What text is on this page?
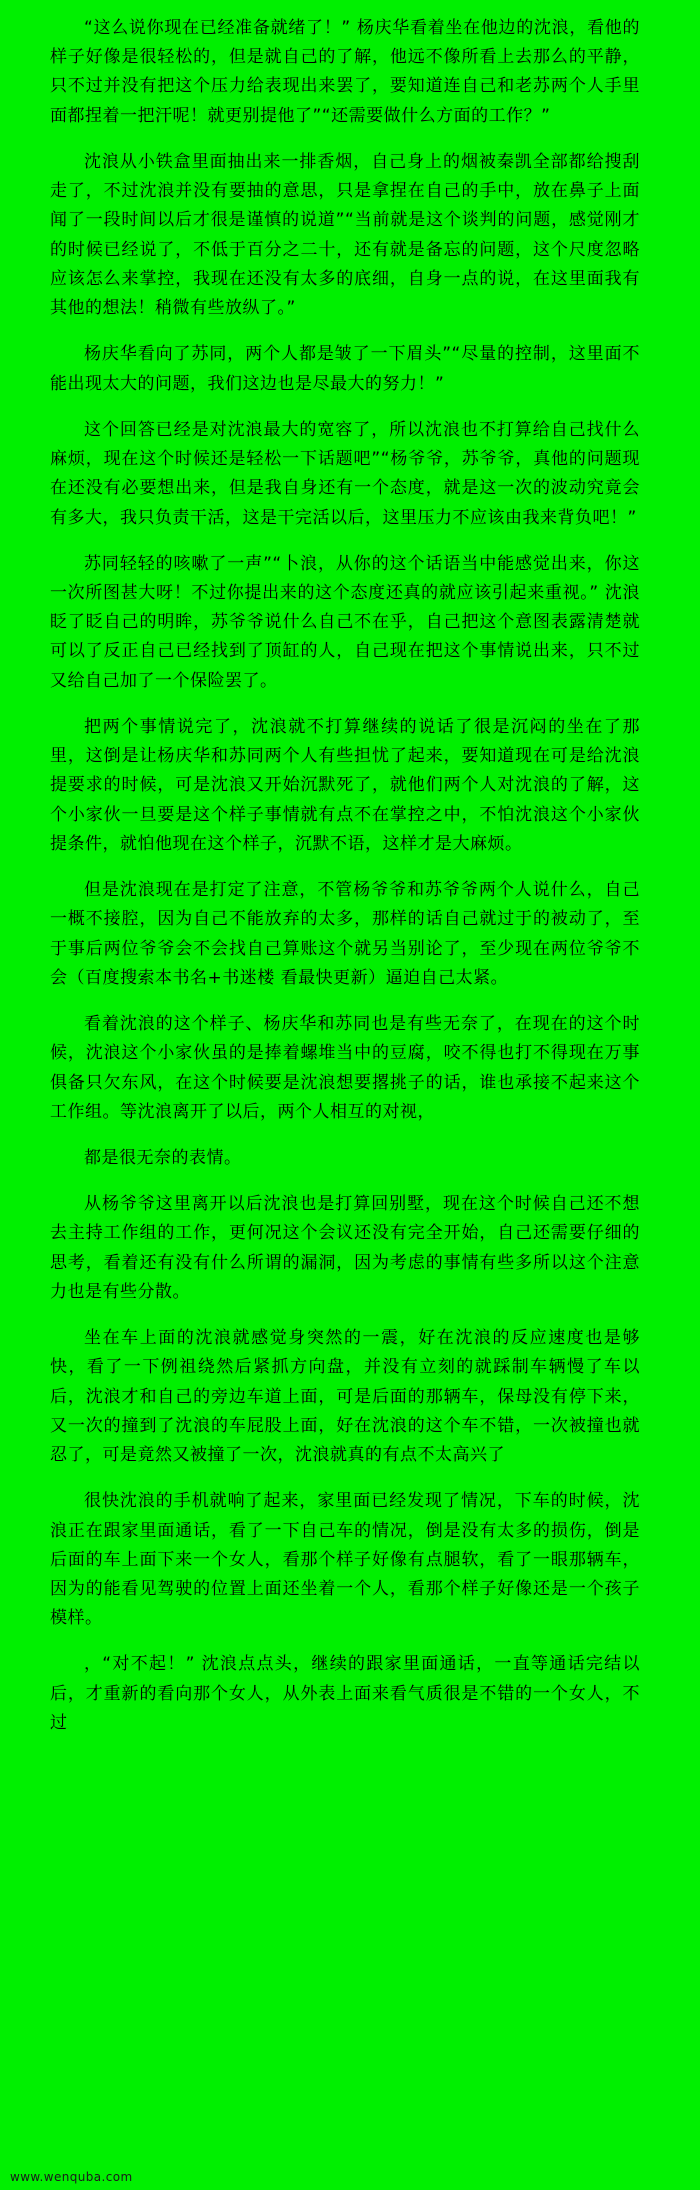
“这么说你现在已经准备就绪了！” 杨庆华看着坐在他边的沈浪，看他的样子好像是很轻松的，但是就自己的了解，他远不像所看上去那么的平静，只不过并没有把这个压力给表现出来罢了，要知道连自己和老苏两个人手里面都捏着一把汗呢！就更别提他了”“还需要做什么方面的工作？”

沈浪从小铁盒里面抽出来一排香烟，自己身上的烟被秦凯全部都给搜刮走了，不过沈浪并没有要抽的意思，只是拿捏在自己的手中，放在鼻子上面闻了一段时间以后才很是谨慎的说道”“当前就是这个谈判的问题，感觉刚才的时候已经说了，不低于百分之二十，还有就是备忘的问题，这个尺度忽略应该怎么来掌控，我现在还没有太多的底细，自身一点的说，在这里面我有其他的想法！稍微有些放纵了。”

杨庆华看向了苏同，两个人都是皱了一下眉头”“尽量的控制，这里面不能出现太大的问题，我们这边也是尽最大的努力！”

这个回答已经是对沈浪最大的宽容了，所以沈浪也不打算给自己找什么麻烦，现在这个时候还是轻松一下话题吧”“杨爷爷，苏爷爷，真他的问题现在还没有必要想出来，但是我自身还有一个态度，就是这一次的波动究竟会有多大，我只负责干活，这是干完活以后，这里压力不应该由我来背负吧！”

苏同轻轻的咳嗽了一声”“卜浪，从你的这个话语当中能感觉出来，你这一次所图甚大呀！不过你提出来的这个态度还真的就应该引起来重视。” 沈浪眨了眨自己的明眸，苏爷爷说什么自己不在乎，自己把这个意图表露清楚就可以了反正自己已经找到了顶缸的人，自己现在把这个事情说出来，只不过又给自己加了一个保险罢了。

把两个事情说完了，沈浪就不打算继续的说话了很是沉闷的坐在了那里，这倒是让杨庆华和苏同两个人有些担忧了起来，要知道现在可是给沈浪提要求的时候，可是沈浪又开始沉默死了，就他们两个人对沈浪的了解，这个小家伙一旦要是这个样子事情就有点不在掌控之中，不怕沈浪这个小家伙提条件，就怕他现在这个样子，沉默不语，这样才是大麻烦。

但是沈浪现在是打定了注意，不管杨爷爷和苏爷爷两个人说什么，自己一概不接腔，因为自己不能放弃的太多，那样的话自己就过于的被动了，至于事后两位爷爷会不会找自己算账这个就另当别论了，至少现在两位爷爷不会（百度搜索本书名+书迷楼 看最快更新）逼迫自己太紧。

看着沈浪的这个样子、杨庆华和苏同也是有些无奈了，在现在的这个时候，沈浪这个小家伙虽的是捧着螺堆当中的豆腐，咬不得也打不得现在万事俱备只欠东风，在这个时候要是沈浪想要撂挑子的话，谁也承接不起来这个工作组。等沈浪离开了以后，两个人相互的对视，

都是很无奈的表情。

从杨爷爷这里离开以后沈浪也是打算回别墅，现在这个时候自己还不想去主持工作组的工作，更何况这个会议还没有完全开始，自己还需要仔细的思考，看着还有没有什么所谓的漏洞，因为考虑的事情有些多所以这个注意力也是有些分散。

坐在车上面的沈浪就感觉身突然的一震，好在沈浪的反应速度也是够快，看了一下例祖绕然后紧抓方向盘，并没有立刻的就踩制车辆慢了车以后，沈浪才和自己的旁边车道上面，可是后面的那辆车，保母没有停下来，又一次的撞到了沈浪的车屁股上面，好在沈浪的这个车不错，一次被撞也就忍了，可是竟然又被撞了一次，沈浪就真的有点不太高兴了

很快沈浪的手机就响了起来，家里面已经发现了情况，下车的时候，沈浪正在跟家里面通话，看了一下自己车的情况，倒是没有太多的损伤，倒是后面的车上面下来一个女人，看那个样子好像有点腿软，看了一眼那辆车，因为的能看见驾驶的位置上面还坐着一个人，看那个样子好像还是一个孩子模样。

，“对不起！” 沈浪点点头，继续的跟家里面通话，一直等通话完结以后，才重新的看向那个女人，从外表上面来看气质很是不错的一个女人，不过

www.wenquba.com
